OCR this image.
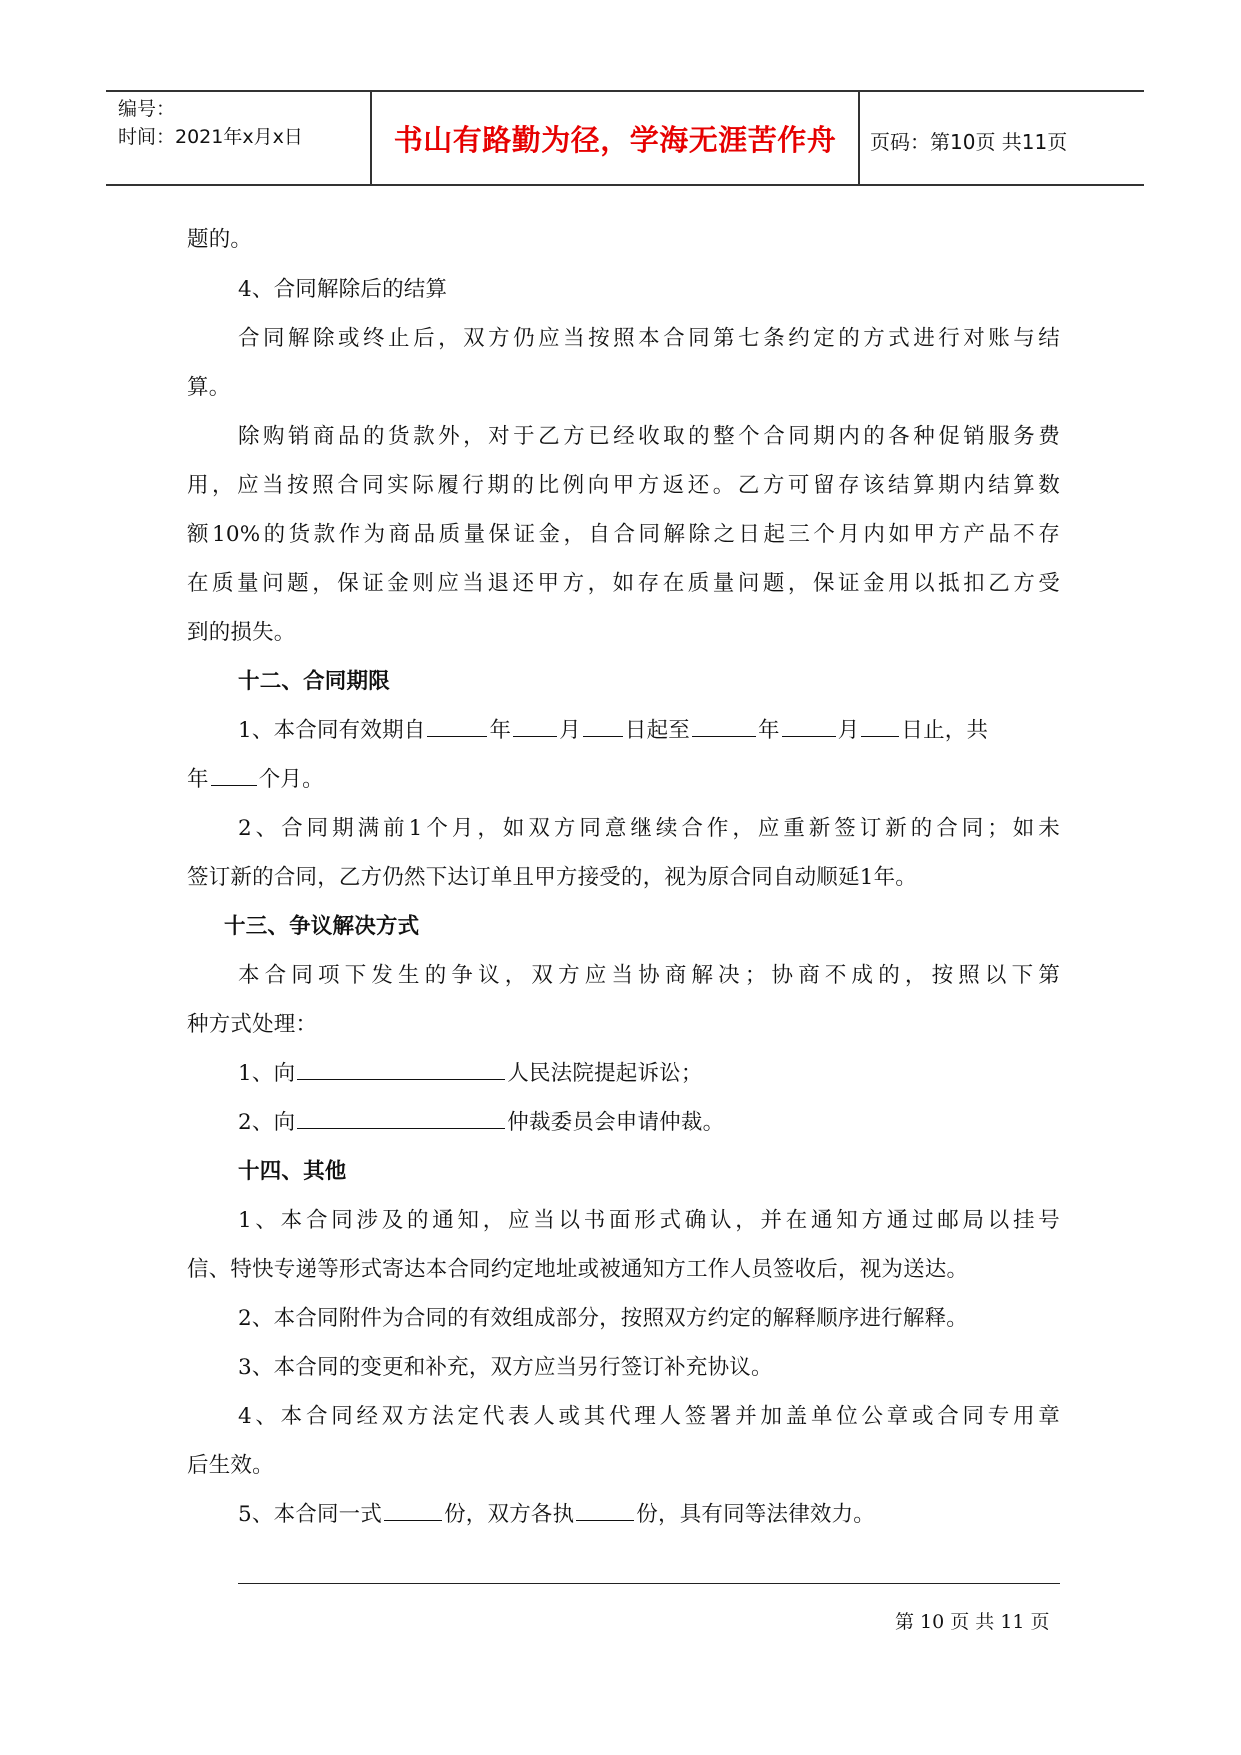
编号：
时间：2021年x月x日	书山有路勤为径，学海无涯苦作舟	页码：第10页 共11页
题的。
4、合同解除后的结算
合同解除或终止后，双方仍应当按照本合同第七条约定的方式进行对账与结
算。
除购销商品的货款外，对于乙方已经收取的整个合同期内的各种促销服务费
用，应当按照合同实际履行期的比例向甲方返还。乙方可留存该结算期内结算数
额10%的货款作为商品质量保证金，自合同解除之日起三个月内如甲方产品不存
在质量问题，保证金则应当退还甲方，如存在质量问题，保证金用以抵扣乙方受
到的损失。
十二、合同期限
1、本合同有效期自	年 月 日起至	年	月 日止，共
年 个月。
2、合同期满前1个月，如双方同意继续合作，应重新签订新的合同；如未
签订新的合同，乙方仍然下达订单且甲方接受的，视为原合同自动顺延1年。
十三、争议解决方式
本合同项下发生的争议，双方应当协商解决；协商不成的，按照以下第
种方式处理：
1、向	人民法院提起诉讼；
2、向	仲裁委员会申请仲裁。
十四、其他
1、本合同涉及的通知，应当以书面形式确认，并在通知方通过邮局以挂号
信、特快专递等形式寄达本合同约定地址或被通知方工作人员签收后，视为送达。
2、本合同附件为合同的有效组成部分，按照双方约定的解释顺序进行解释。
3、本合同的变更和补充，双方应当另行签订补充协议。
4、本合同经双方法定代表人或其代理人签署并加盖单位公章或合同专用章
后生效。
5、本合同一式	份，双方各执	份，具有同等法律效力。
第 10 页 共 11 页
